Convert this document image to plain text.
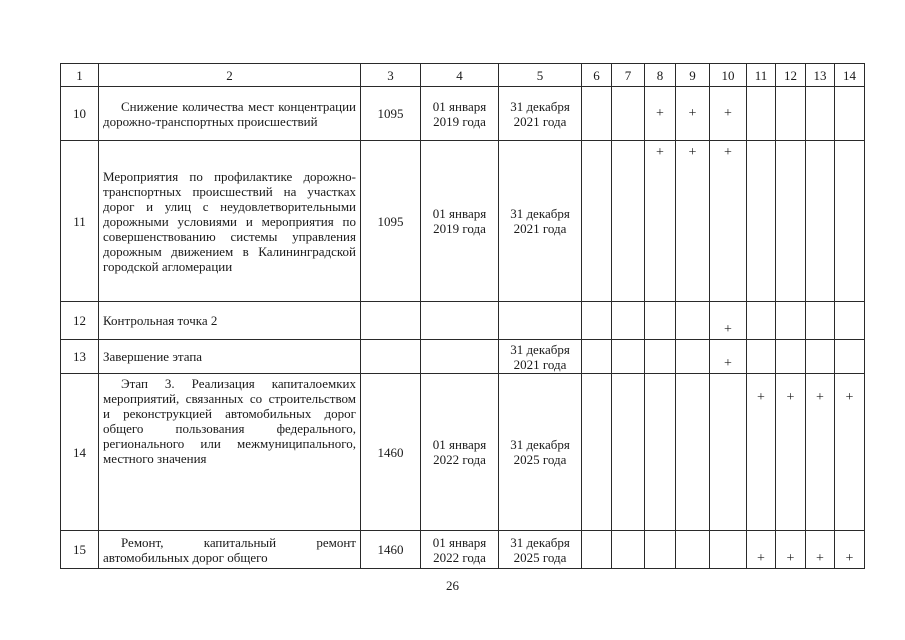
1	2	3	4	5	6	7	8	9	10	11	12	13	14
10	Снижение количества мест концентрации дорожно-транспортных происшествий	1095	01 января 2019 года	31 декабря 2021 года			+	+	+				
11	Мероприятия по профилактике дорожно-транспортных происшествий на участках дорог и улиц с неудовлетворительными дорожными условиями и мероприятия по совершенствованию системы управления дорожным движением в Калининградской городской агломерации	1095	01 января 2019 года	31 декабря 2021 года			+	+	+				
12	Контрольная точка 2								+				
13	Завершение этапа			31 декабря 2021 года					+				
14	Этап 3. Реализация капиталоемких мероприятий, связанных со строительством и реконструкцией автомобильных дорог общего пользования федерального, регионального или межмуниципального, местного значения	1460	01 января 2022 года	31 декабря 2025 года						+	+	+	+
15	Ремонт, капитальный ремонт автомобильных дорог общего	1460	01 января 2022 года	31 декабря 2025 года						+	+	+	+
26
